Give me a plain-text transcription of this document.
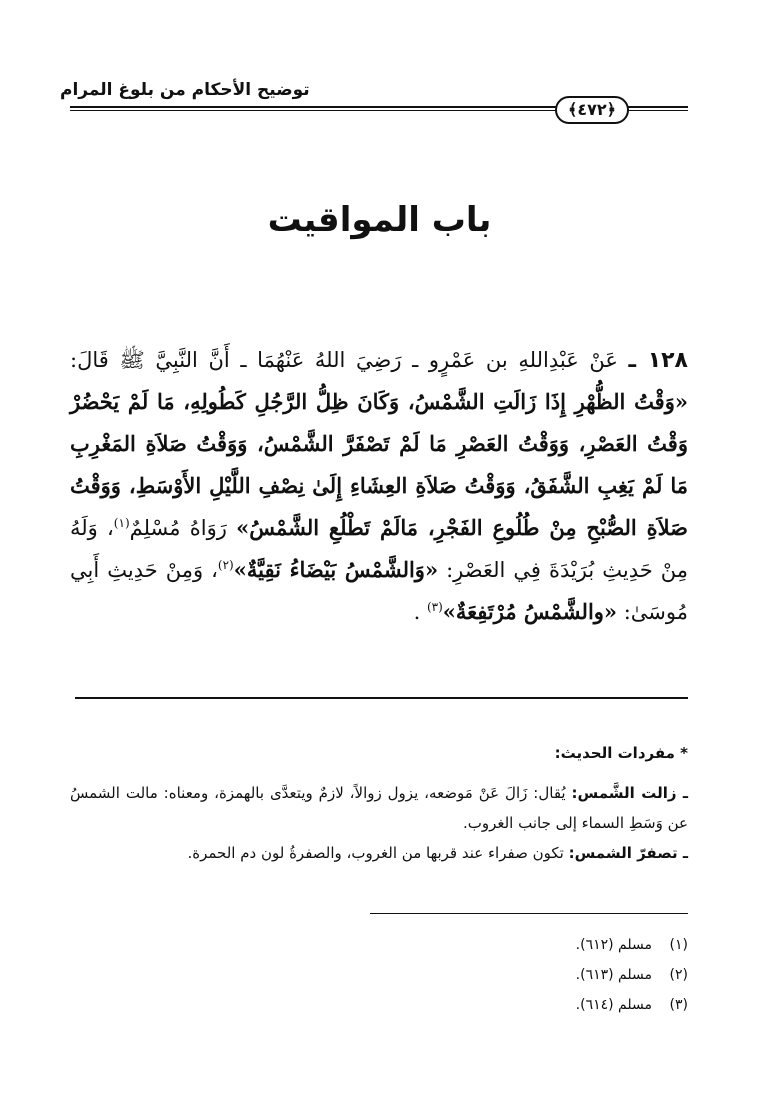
توضيح الأحكام من بلوغ المرام
﴿٤٧٢﴾
باب المواقيت
١٢٨ ـ عَنْ عَبْدِاللهِ بن عَمْرٍو ـ رَضِيَ اللهُ عَنْهُمَا ـ أَنَّ النَّبِيَّ ﷺ قَالَ: «وَقْتُ الظُّهْرِ إِذَا زَالَتِ الشَّمْسُ، وَكَانَ ظِلُّ الرَّجُلِ كَطُولِهِ، مَا لَمْ يَحْضُرْ وَقْتُ العَصْرِ، وَوَقْتُ العَصْرِ مَا لَمْ تَصْفَرَّ الشَّمْسُ، وَوَقْتُ صَلاَةِ المَغْرِبِ مَا لَمْ يَغِبِ الشَّفَقُ، وَوَقْتُ صَلاَةِ العِشَاءِ إِلَىٰ نِصْفِ اللَّيْلِ الأَوْسَطِ، وَوَقْتُ صَلاَةِ الصُّبْحِ مِنْ طُلُوعِ الفَجْرِ، مَالَمْ تَطْلُعِ الشَّمْسُ» رَوَاهُ مُسْلِمٌ$^{(١)}$، وَلَهُ مِنْ حَدِيثِ بُرَيْدَةَ فِي العَصْرِ: «وَالشَّمْسُ بَيْضَاءُ نَقِيَّةٌ»$^{(٢)}$، وَمِنْ حَدِيثِ أَبِي مُوسَىٰ: «والشَّمْسُ مُرْتَفِعَةٌ»$^{(٣)}$ .
* مفردات الحديث:

ـ زالت الشَّمس: يُقال: زَالَ عَنْ مَوضعه، يزول زوالاً، لازمٌ ويتعدَّى بالهمزة، ومعناه: مالت الشمسُ عن وَسَطِ السماء إلى جانب الغروب.

ـ تصفرّ الشمس: تكون صفراء عند قربها من الغروب، والصفرةُ لون دم الحمرة.

(١)مسلم (٦١٢).
(٢)مسلم (٦١٣).
(٣)مسلم (٦١٤).
